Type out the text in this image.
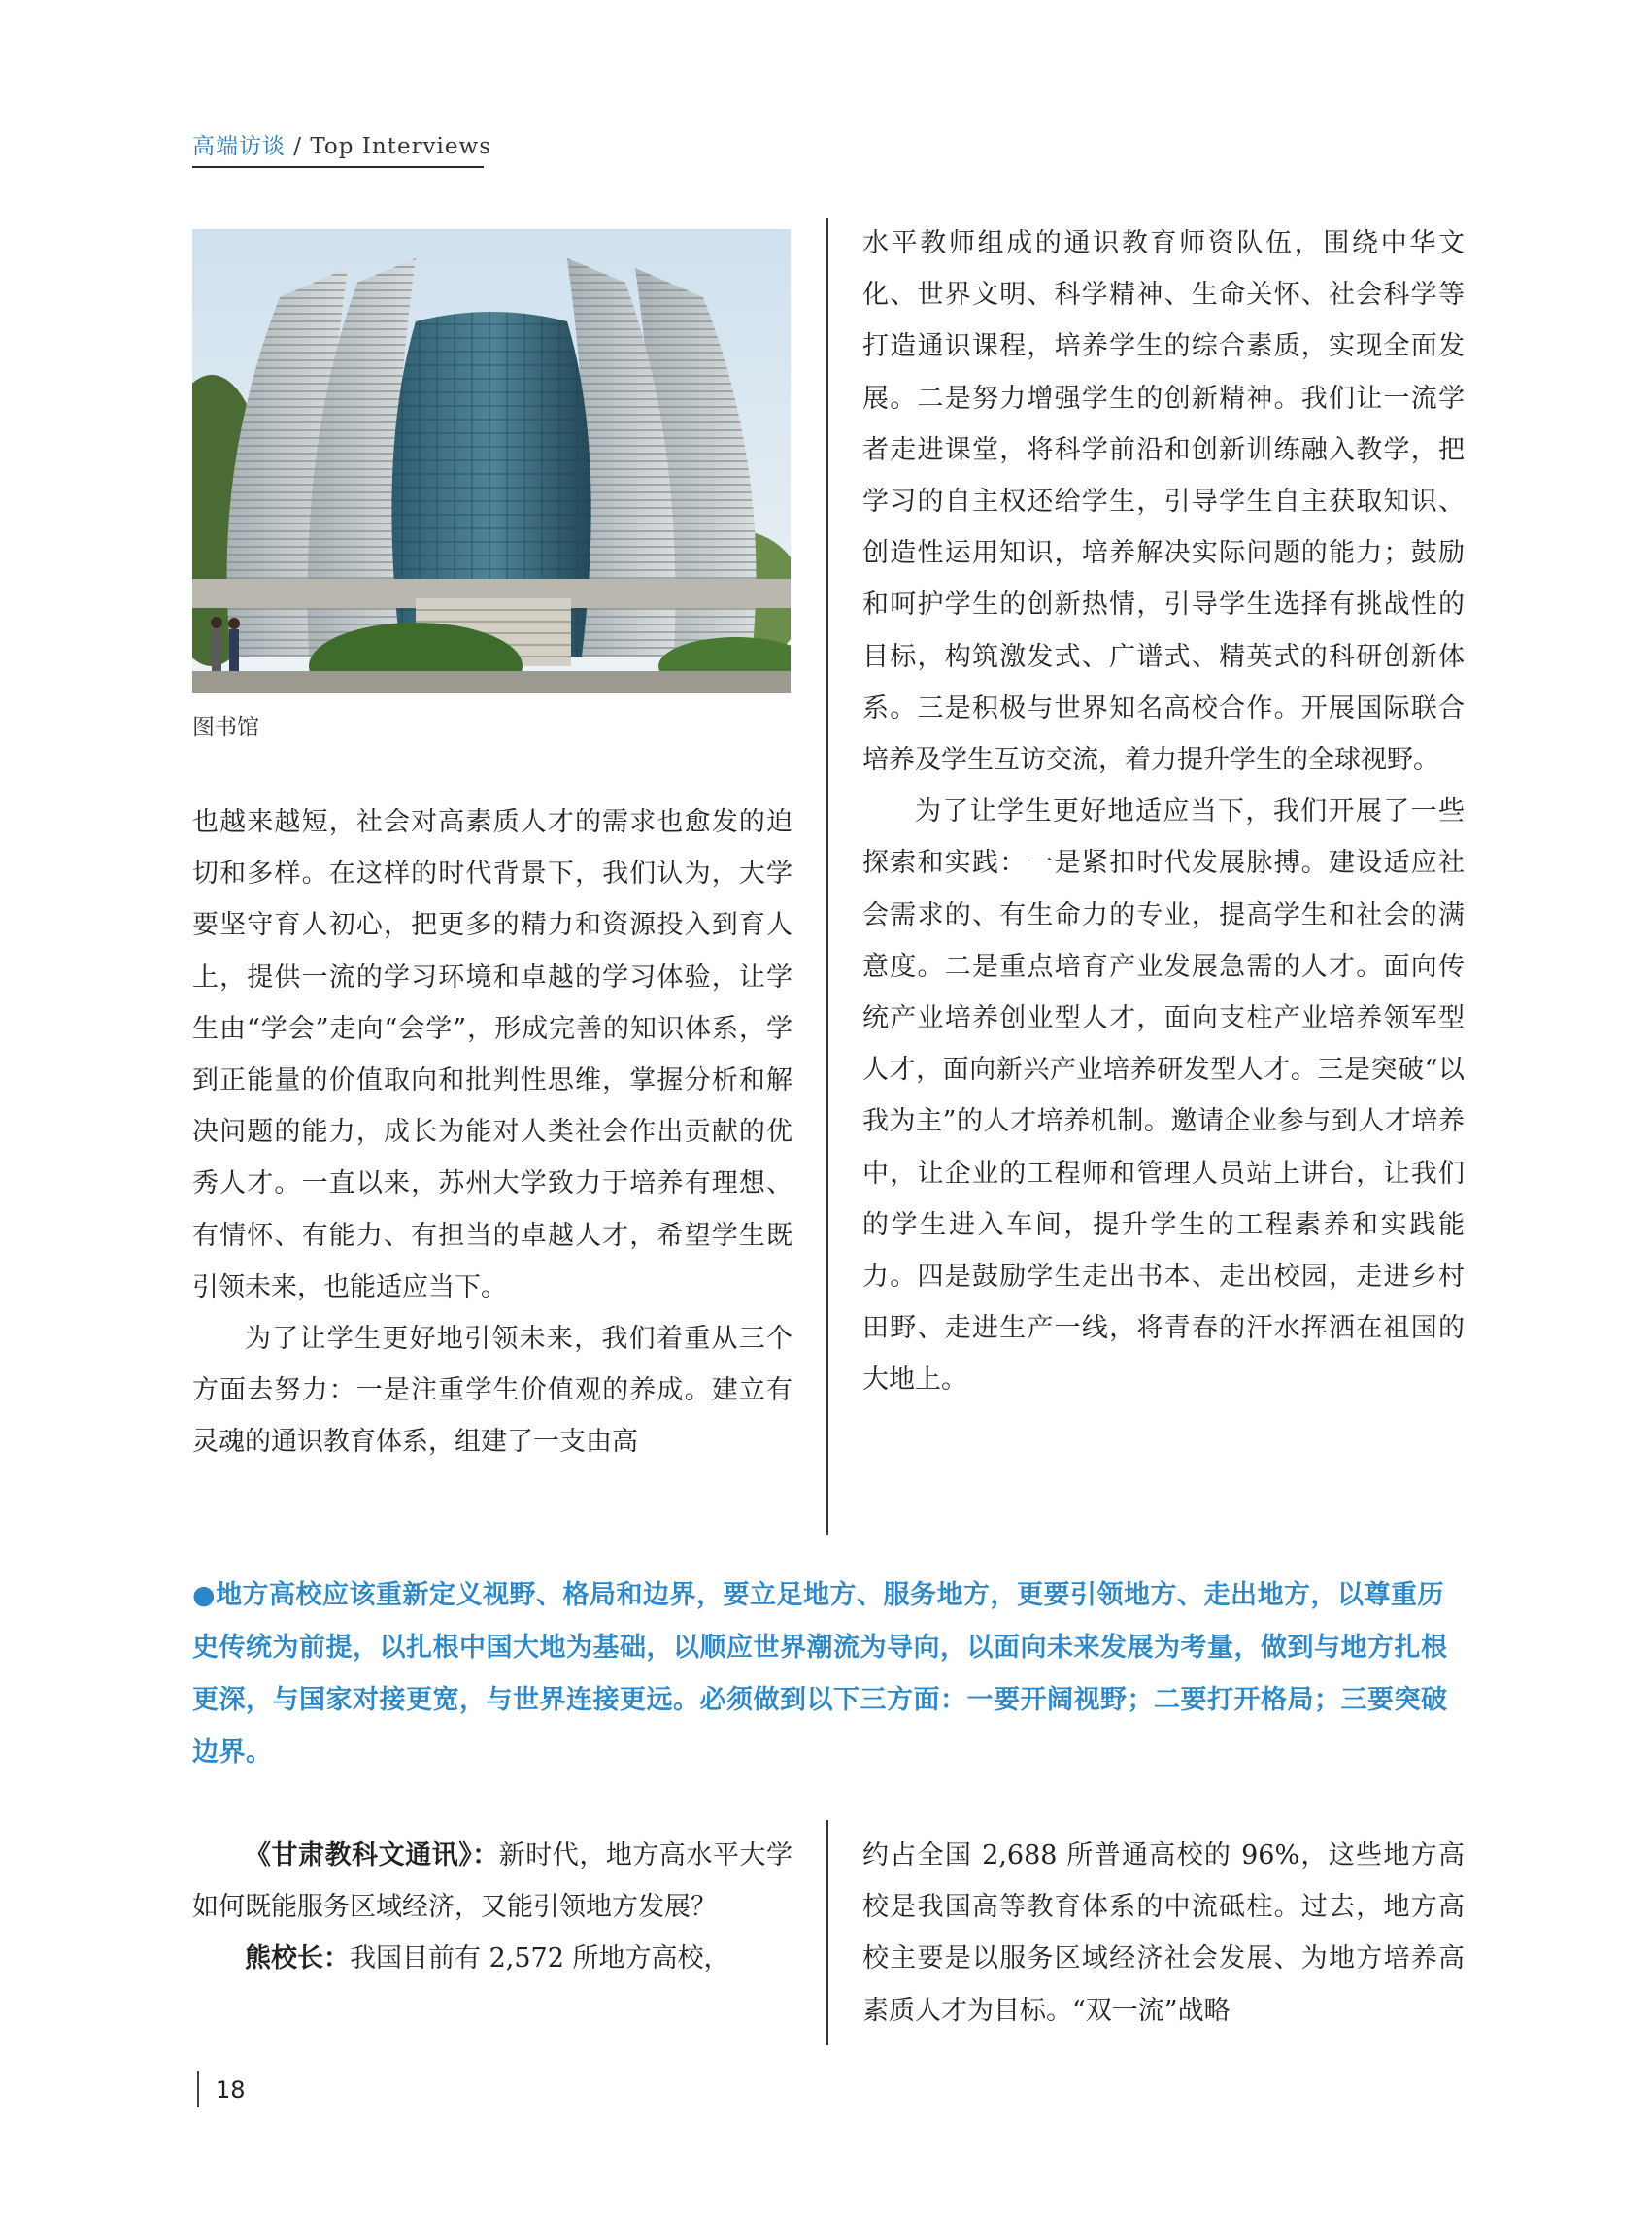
高端访谈 / Top Interviews
图书馆

也越来越短，社会对高素质人才的需求也愈发的迫切和多样。在这样的时代背景下，我们认为，大学要坚守育人初心，把更多的精力和资源投入到育人上，提供一流的学习环境和卓越的学习体验，让学生由“学会”走向“会学”，形成完善的知识体系，学到正能量的价值取向和批判性思维，掌握分析和解决问题的能力，成长为能对人类社会作出贡献的优秀人才。一直以来，苏州大学致力于培养有理想、有情怀、有能力、有担当的卓越人才，希望学生既引领未来，也能适应当下。

为了让学生更好地引领未来，我们着重从三个方面去努力：一是注重学生价值观的养成。建立有灵魂的通识教育体系，组建了一支由高

水平教师组成的通识教育师资队伍，围绕中华文化、世界文明、科学精神、生命关怀、社会科学等打造通识课程，培养学生的综合素质，实现全面发展。二是努力增强学生的创新精神。我们让一流学者走进课堂，将科学前沿和创新训练融入教学，把学习的自主权还给学生，引导学生自主获取知识、创造性运用知识，培养解决实际问题的能力；鼓励和呵护学生的创新热情，引导学生选择有挑战性的目标，构筑激发式、广谱式、精英式的科研创新体系。三是积极与世界知名高校合作。开展国际联合培养及学生互访交流，着力提升学生的全球视野。

为了让学生更好地适应当下，我们开展了一些探索和实践：一是紧扣时代发展脉搏。建设适应社会需求的、有生命力的专业，提高学生和社会的满意度。二是重点培育产业发展急需的人才。面向传统产业培养创业型人才，面向支柱产业培养领军型人才，面向新兴产业培养研发型人才。三是突破“以我为主”的人才培养机制。邀请企业参与到人才培养中，让企业的工程师和管理人员站上讲台，让我们的学生进入车间，提升学生的工程素养和实践能力。四是鼓励学生走出书本、走出校园，走进乡村田野、走进生产一线，将青春的汗水挥洒在祖国的大地上。

●地方高校应该重新定义视野、格局和边界，要立足地方、服务地方，更要引领地方、走出地方，以尊重历史传统为前提，以扎根中国大地为基础，以顺应世界潮流为导向，以面向未来发展为考量，做到与地方扎根更深，与国家对接更宽，与世界连接更远。必须做到以下三方面：一要开阔视野；二要打开格局；三要突破边界。

《甘肃教科文通讯》：新时代，地方高水平大学如何既能服务区域经济，又能引领地方发展？

熊校长：我国目前有 2,572 所地方高校，

约占全国 2,688 所普通高校的 96%，这些地方高校是我国高等教育体系的中流砥柱。过去，地方高校主要是以服务区域经济社会发展、为地方培养高素质人才为目标。“双一流”战略

18
